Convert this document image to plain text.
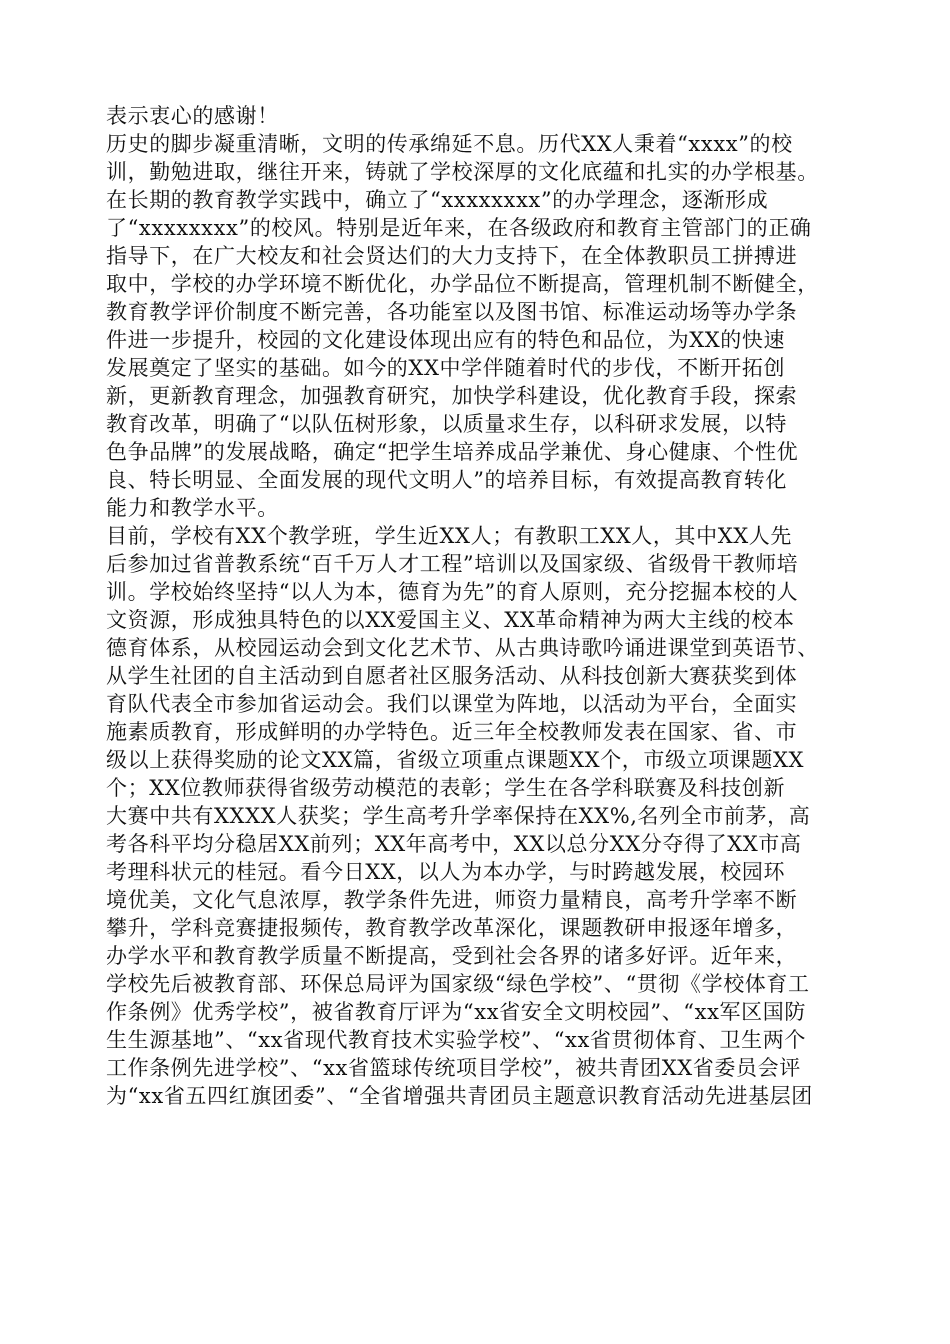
表示衷心的感谢！
历史的脚步凝重清晰，文明的传承绵延不息。历代XX人秉着“xxxx”的校
训，勤勉进取，继往开来，铸就了学校深厚的文化底蕴和扎实的办学根基。
在长期的教育教学实践中，确立了“xxxxxxxx”的办学理念，逐渐形成
了“xxxxxxxx”的校风。特别是近年来，在各级政府和教育主管部门的正确
指导下，在广大校友和社会贤达们的大力支持下，在全体教职员工拼搏进
取中，学校的办学环境不断优化，办学品位不断提高，管理机制不断健全，
教育教学评价制度不断完善，各功能室以及图书馆、标准运动场等办学条
件进一步提升，校园的文化建设体现出应有的特色和品位，为XX的快速
发展奠定了坚实的基础。如今的XX中学伴随着时代的步伐，不断开拓创
新，更新教育理念，加强教育研究，加快学科建设，优化教育手段，探索
教育改革，明确了“以队伍树形象，以质量求生存，以科研求发展，以特
色争品牌”的发展战略，确定“把学生培养成品学兼优、身心健康、个性优
良、特长明显、全面发展的现代文明人”的培养目标，有效提高教育转化
能力和教学水平。
目前，学校有XX个教学班，学生近XX人；有教职工XX人，其中XX人先
后参加过省普教系统“百千万人才工程”培训以及国家级、省级骨干教师培
训。学校始终坚持“以人为本，德育为先”的育人原则，充分挖掘本校的人
文资源，形成独具特色的以XX爱国主义、XX革命精神为两大主线的校本
德育体系，从校园运动会到文化艺术节、从古典诗歌吟诵进课堂到英语节、
从学生社团的自主活动到自愿者社区服务活动、从科技创新大赛获奖到体
育队代表全市参加省运动会。我们以课堂为阵地，以活动为平台，全面实
施素质教育，形成鲜明的办学特色。近三年全校教师发表在国家、省、市
级以上获得奖励的论文XX篇，省级立项重点课题XX个，市级立项课题XX
个；XX位教师获得省级劳动模范的表彰；学生在各学科联赛及科技创新
大赛中共有XXXX人获奖；学生高考升学率保持在XX%,名列全市前茅，高
考各科平均分稳居XX前列；XX年高考中，XX以总分XX分夺得了XX市高
考理科状元的桂冠。看今日XX，以人为本办学，与时跨越发展，校园环
境优美，文化气息浓厚，教学条件先进，师资力量精良，高考升学率不断
攀升，学科竞赛捷报频传，教育教学改革深化，课题教研申报逐年增多，
办学水平和教育教学质量不断提高，受到社会各界的诸多好评。近年来，
学校先后被教育部、环保总局评为国家级“绿色学校”、“贯彻《学校体育工
作条例》优秀学校”，被省教育厅评为“xx省安全文明校园”、“xx军区国防
生生源基地”、“xx省现代教育技术实验学校”、“xx省贯彻体育、卫生两个
工作条例先进学校”、“xx省篮球传统项目学校”，被共青团XX省委员会评
为“xx省五四红旗团委”、“全省增强共青团员主题意识教育活动先进基层团
